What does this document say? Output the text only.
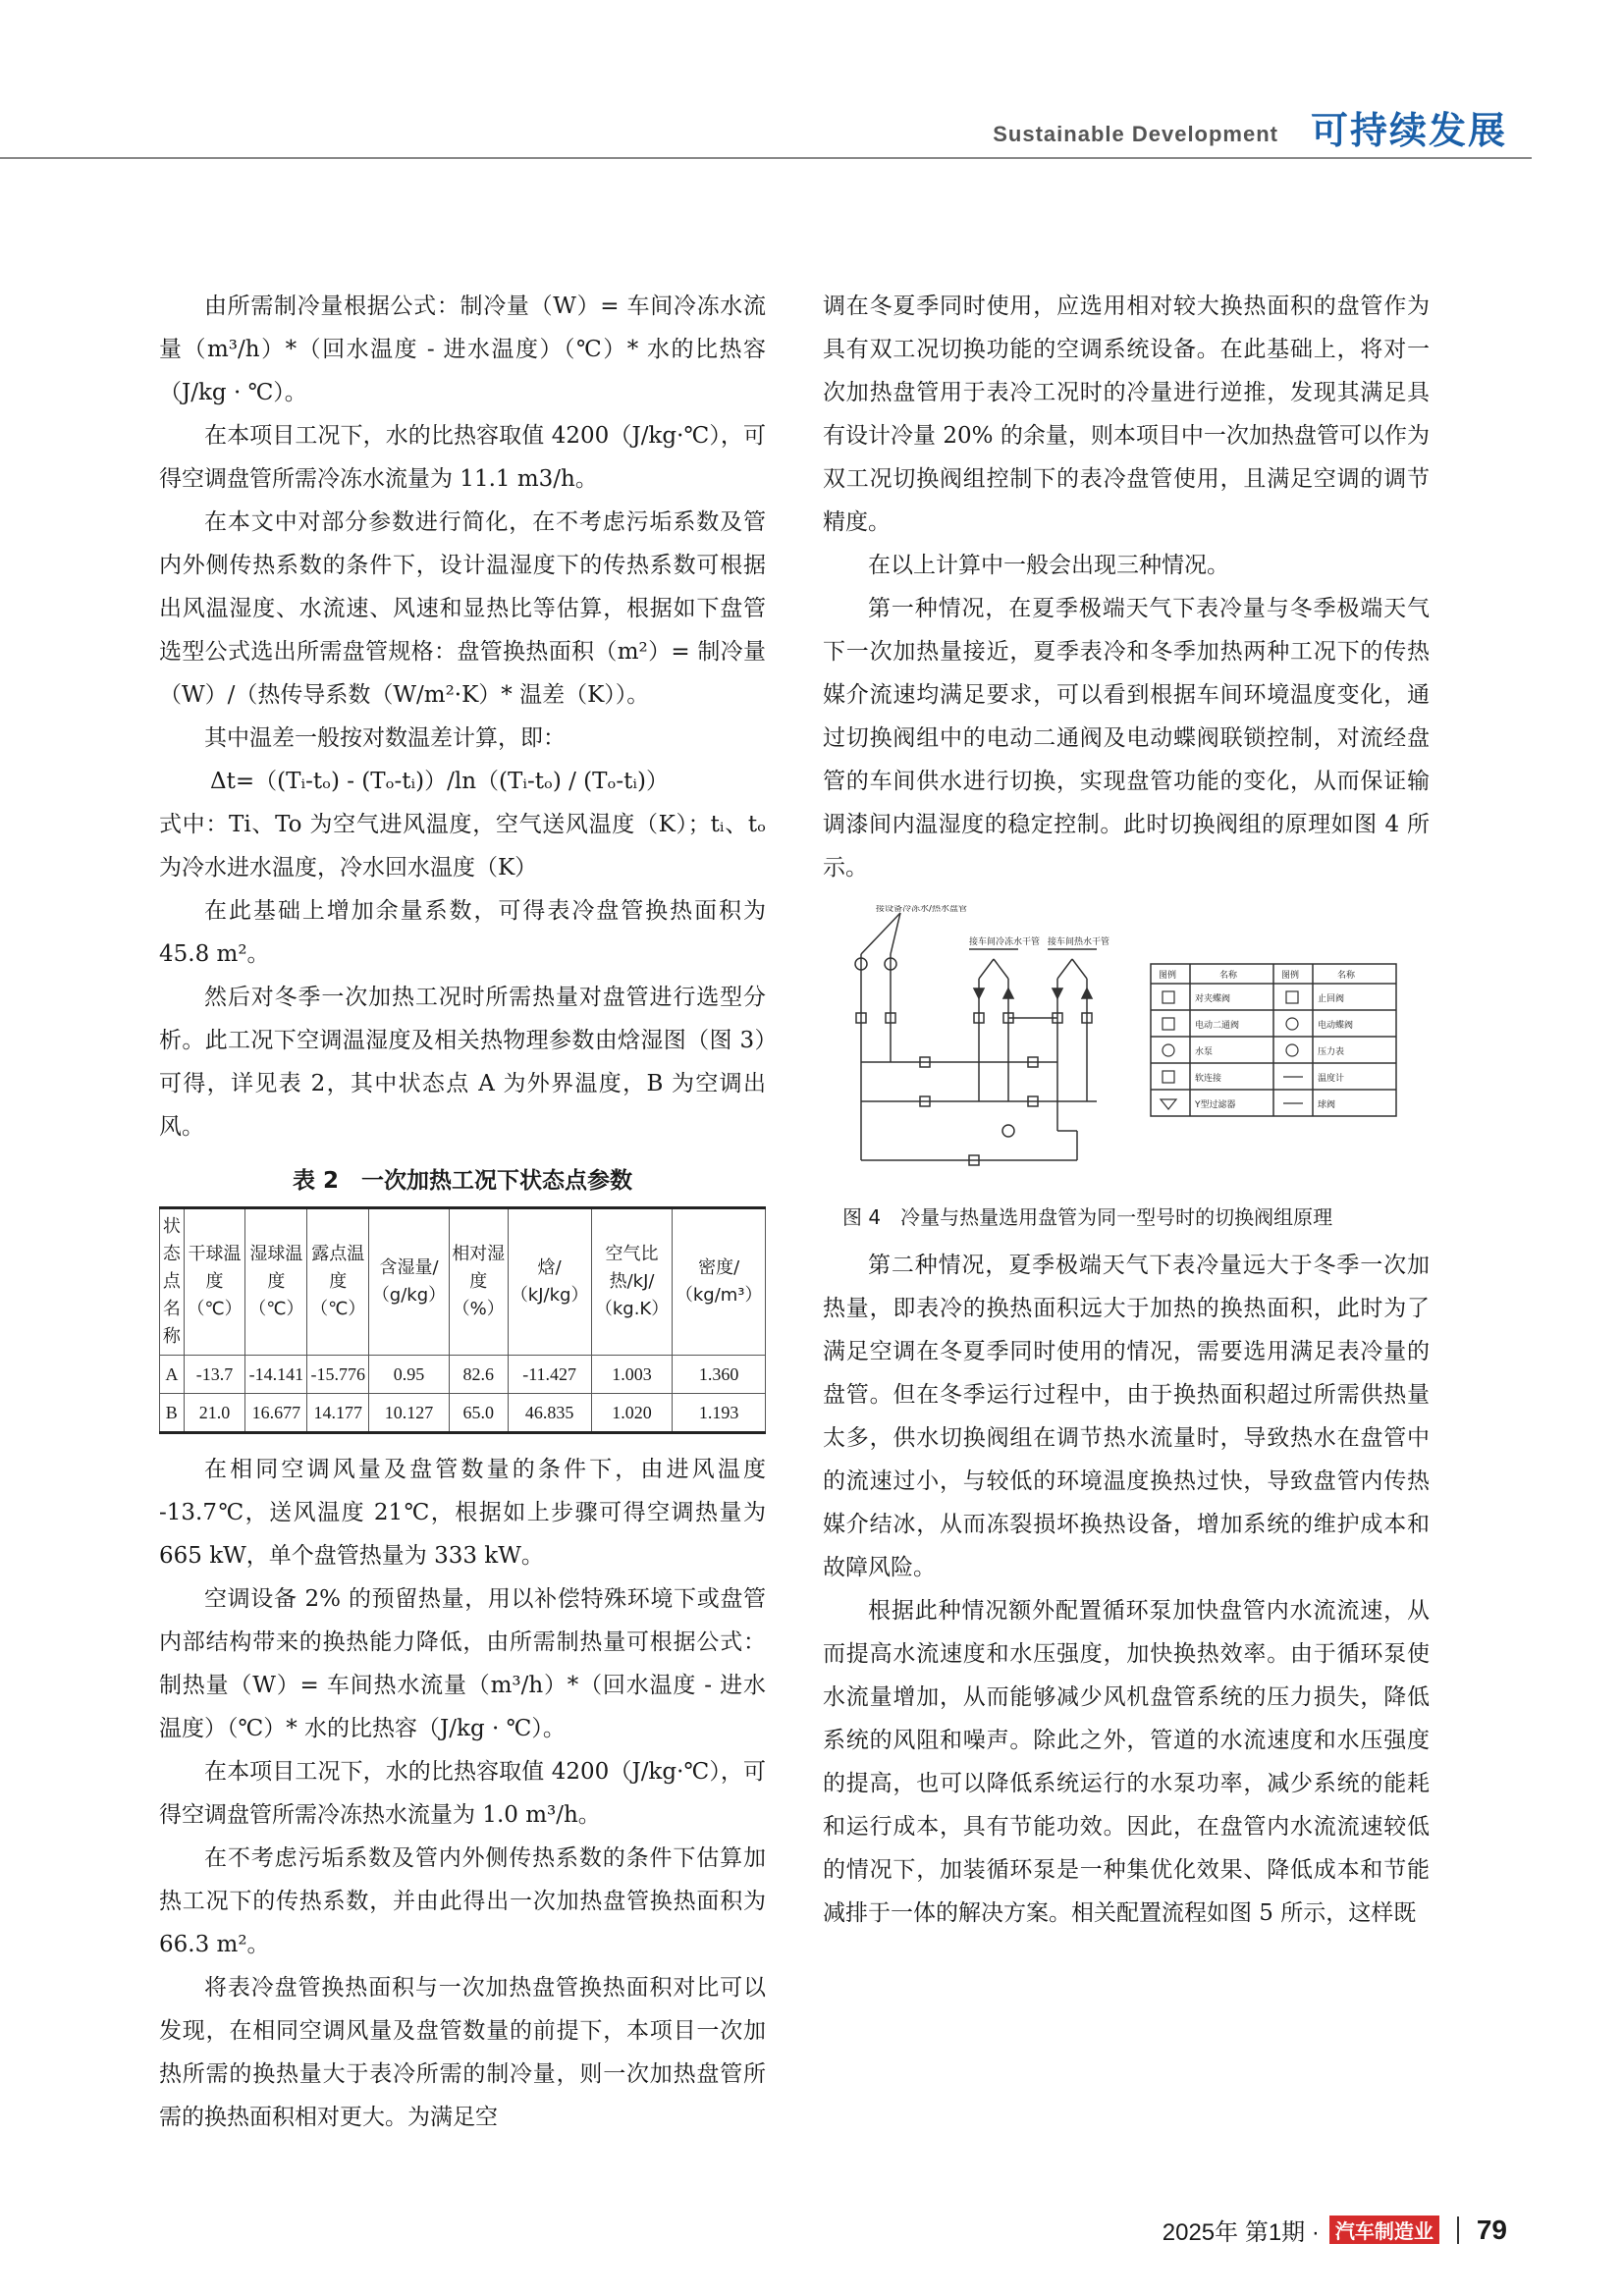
Sustainable Development 可持续发展

由所需制冷量根据公式：制冷量（W）= 车间冷冻水流量（m³/h）*（回水温度 - 进水温度）（℃）* 水的比热容（J/kg · ℃）。

在本项目工况下，水的比热容取值 4200（J/kg·℃），可得空调盘管所需冷冻水流量为 11.1 m3/h。

在本文中对部分参数进行简化，在不考虑污垢系数及管内外侧传热系数的条件下，设计温湿度下的传热系数可根据出风温湿度、水流速、风速和显热比等估算，根据如下盘管选型公式选出所需盘管规格：盘管换热面积（m²）= 制冷量（W）/（热传导系数（W/m²·K）* 温差（K））。

其中温差一般按对数温差计算，即：

Δt=（(Tᵢ-tₒ) - (Tₒ-tᵢ)）/ln（(Tᵢ-tₒ) / (Tₒ-tᵢ)）

式中：Ti、To 为空气进风温度，空气送风温度（K）；tᵢ、tₒ 为冷水进水温度，冷水回水温度（K）

在此基础上增加余量系数，可得表冷盘管换热面积为 45.8 m²。

然后对冬季一次加热工况时所需热量对盘管进行选型分析。此工况下空调温湿度及相关热物理参数由焓湿图（图 3）可得，详见表 2，其中状态点 A 为外界温度，B 为空调出风。

表 2　一次加热工况下状态点参数
状态点名称	干球温度（℃）	湿球温度（℃）	露点温度（℃）	含湿量/（g/kg）	相对湿度（%）	焓/（kJ/kg）	空气比热/kJ/（kg.K）	密度/（kg/m³）
A	-13.7	-14.141	-15.776	0.95	82.6	-11.427	1.003	1.360
B	21.0	16.677	14.177	10.127	65.0	46.835	1.020	1.193

在相同空调风量及盘管数量的条件下，由进风温度 -13.7℃，送风温度 21℃，根据如上步骤可得空调热量为 665 kW，单个盘管热量为 333 kW。

空调设备 2% 的预留热量，用以补偿特殊环境下或盘管内部结构带来的换热能力降低，由所需制热量可根据公式：制热量（W）= 车间热水流量（m³/h）*（回水温度 - 进水温度）（℃）* 水的比热容（J/kg · ℃）。

在本项目工况下，水的比热容取值 4200（J/kg·℃），可得空调盘管所需冷冻热水流量为 1.0 m³/h。

在不考虑污垢系数及管内外侧传热系数的条件下估算加热工况下的传热系数，并由此得出一次加热盘管换热面积为 66.3 m²。

将表冷盘管换热面积与一次加热盘管换热面积对比可以发现，在相同空调风量及盘管数量的前提下，本项目一次加热所需的换热量大于表冷所需的制冷量，则一次加热盘管所需的换热面积相对更大。为满足空

调在冬夏季同时使用，应选用相对较大换热面积的盘管作为具有双工况切换功能的空调系统设备。在此基础上，将对一次加热盘管用于表冷工况时的冷量进行逆推，发现其满足具有设计冷量 20% 的余量，则本项目中一次加热盘管可以作为双工况切换阀组控制下的表冷盘管使用，且满足空调的调节精度。

在以上计算中一般会出现三种情况。

第一种情况，在夏季极端天气下表冷量与冬季极端天气下一次加热量接近，夏季表冷和冬季加热两种工况下的传热媒介流速均满足要求，可以看到根据车间环境温度变化，通过切换阀组中的电动二通阀及电动蝶阀联锁控制，对流经盘管的车间供水进行切换，实现盘管功能的变化，从而保证输调漆间内温湿度的稳定控制。此时切换阀组的原理如图 4 所示。

接设备冷冻水/热水盘管
接车间冷冻水干管 接车间热水干管
图例	名称	图例	名称
对夹蝶阀	止回阀
电动二通阀	电动蝶阀
水泵	压力表
软连接	温度计
Y型过滤器	球阀
图 4　冷量与热量选用盘管为同一型号时的切换阀组原理

第二种情况，夏季极端天气下表冷量远大于冬季一次加热量，即表冷的换热面积远大于加热的换热面积，此时为了满足空调在冬夏季同时使用的情况，需要选用满足表冷量的盘管。但在冬季运行过程中，由于换热面积超过所需供热量太多，供水切换阀组在调节热水流量时，导致热水在盘管中的流速过小，与较低的环境温度换热过快，导致盘管内传热媒介结冰，从而冻裂损坏换热设备，增加系统的维护成本和故障风险。

根据此种情况额外配置循环泵加快盘管内水流流速，从而提高水流速度和水压强度，加快换热效率。由于循环泵使水流量增加，从而能够减少风机盘管系统的压力损失，降低系统的风阻和噪声。除此之外，管道的水流速度和水压强度的提高，也可以降低系统运行的水泵功率，减少系统的能耗和运行成本，具有节能功效。因此，在盘管内水流流速较低的情况下，加装循环泵是一种集优化效果、降低成本和节能减排于一体的解决方案。相关配置流程如图 5 所示，这样既

2025年 第1期 · 汽车制造业 79
